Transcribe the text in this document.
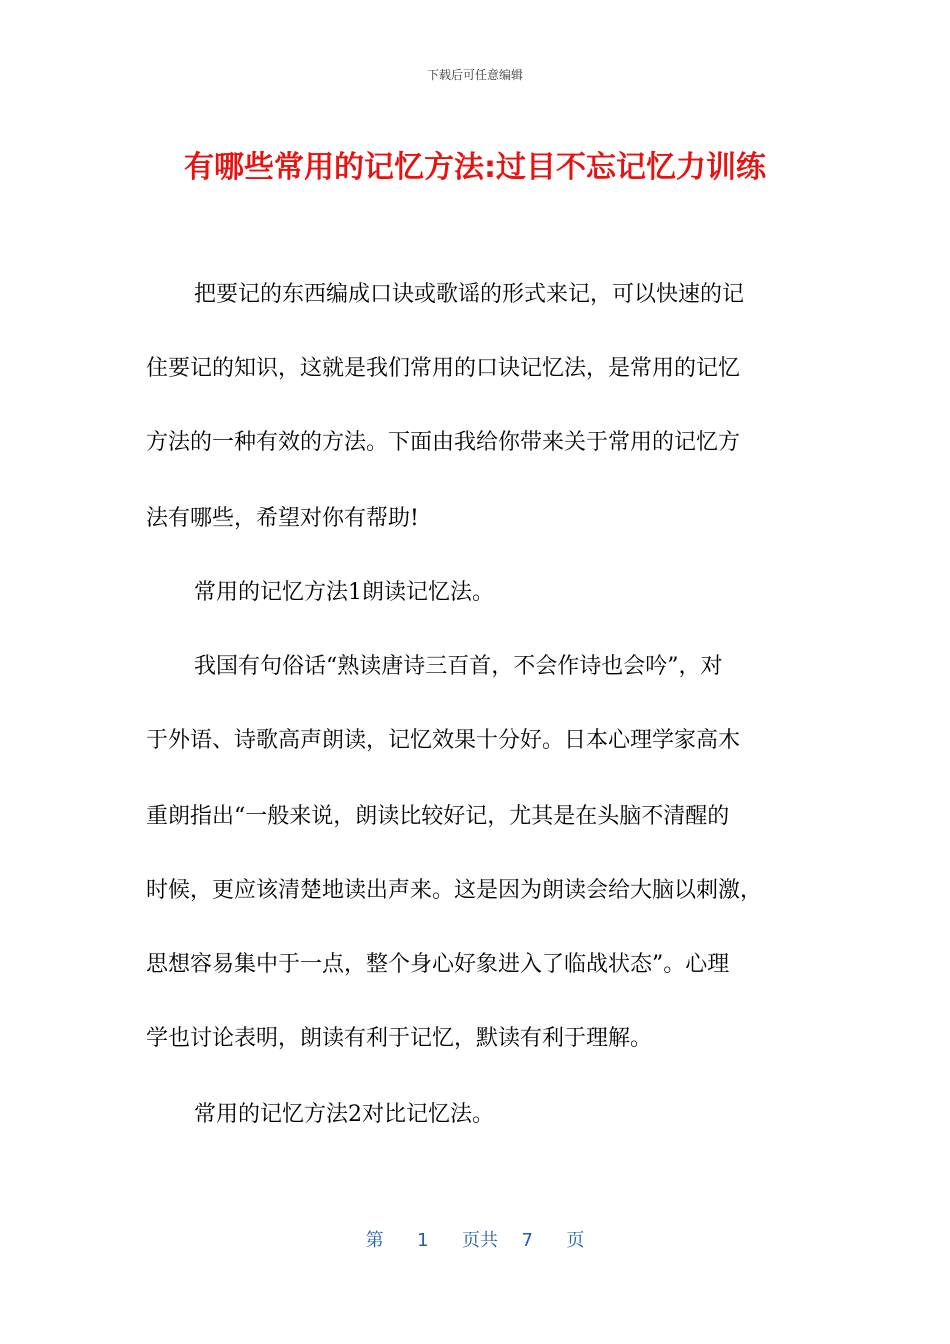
下载后可任意编辑
有哪些常用的记忆方法:过目不忘记忆力训练
把要记的东西编成口诀或歌谣的形式来记，可以快速的记
住要记的知识，这就是我们常用的口诀记忆法，是常用的记忆
方法的一种有效的方法。下面由我给你带来关于常用的记忆方
法有哪些，希望对你有帮助!
常用的记忆方法1朗读记忆法。
我国有句俗话“熟读唐诗三百首，不会作诗也会吟”，对
于外语、诗歌高声朗读，记忆效果十分好。日本心理学家高木
重朗指出“一般来说，朗读比较好记，尤其是在头脑不清醒的
时候，更应该清楚地读出声来。这是因为朗读会给大脑以刺激，
思想容易集中于一点，整个身心好象进入了临战状态”。心理
学也讨论表明，朗读有利于记忆，默读有利于理解。
常用的记忆方法2对比记忆法。
第 1 页共 7 页
